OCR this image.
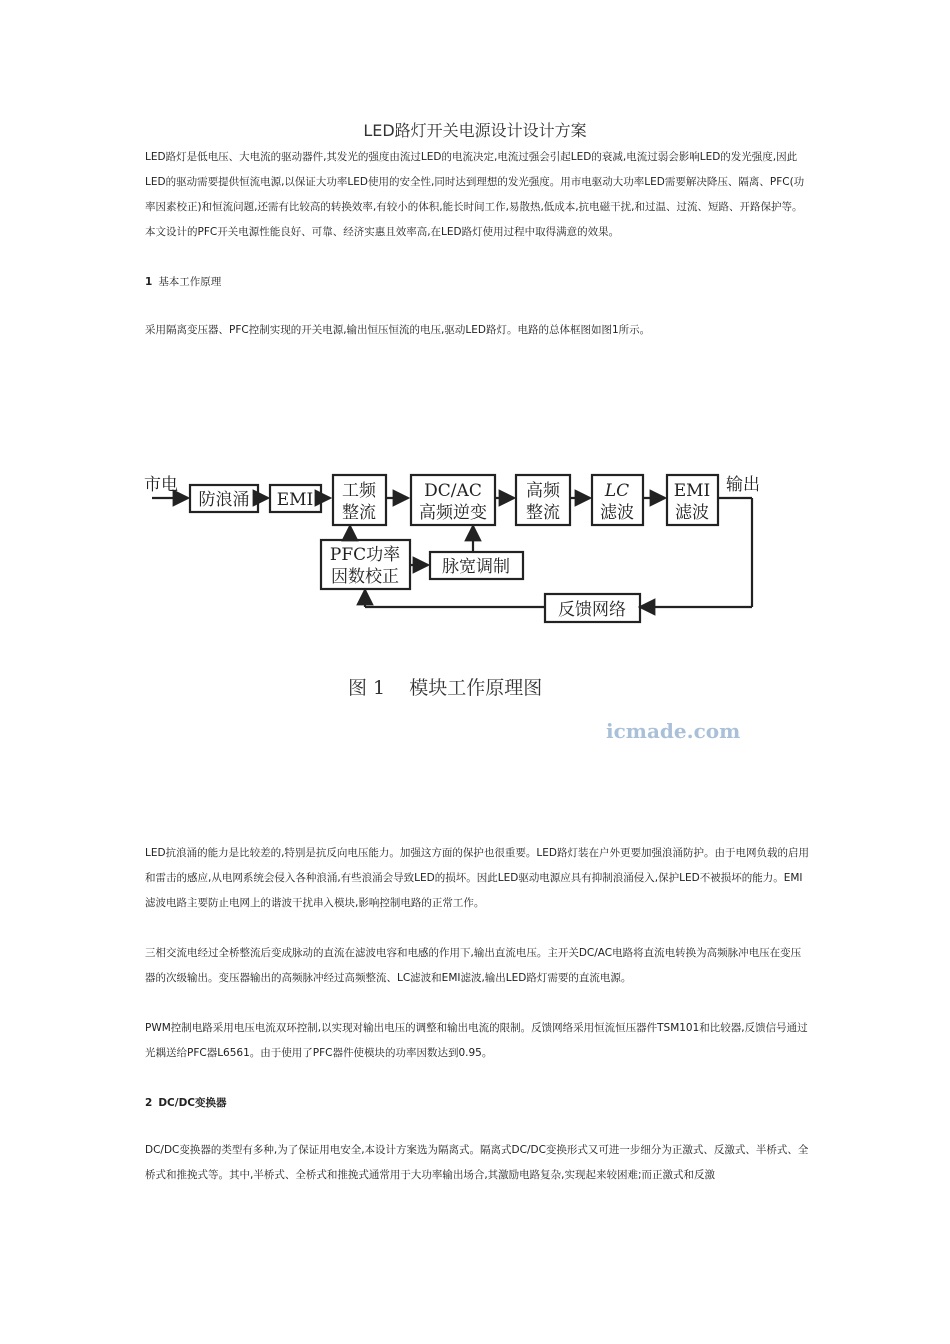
LED路灯开关电源设计设计方案

LED路灯是低电压、大电流的驱动器件,其发光的强度由流过LED的电流决定,电流过强会引起LED的衰减,电流过弱会影响LED的发光强度,因此LED的驱动需要提供恒流电源,以保证大功率LED使用的安全性,同时达到理想的发光强度。用市电驱动大功率LED需要解决降压、隔离、PFC(功率因素校正)和恒流问题,还需有比较高的转换效率,有较小的体积,能长时间工作,易散热,低成本,抗电磁干扰,和过温、过流、短路、开路保护等。本文设计的PFC开关电源性能良好、可靠、经济实惠且效率高,在LED路灯使用过程中取得满意的效果。

1 基本工作原理

采用隔离变压器、PFC控制实现的开关电源,输出恒压恒流的电压,驱动LED路灯。电路的总体框图如图1所示。

市电	输出
防浪涌 EMI 工频
整流
DC/AC
高频逆变
高频
整流
LC
滤波
EMI
滤波
PFC功率
因数校正	脉宽调制
反馈网络
图 1    模块工作原理图
icmade.com

LED抗浪涌的能力是比较差的,特别是抗反向电压能力。加强这方面的保护也很重要。LED路灯装在户外更要加强浪涌防护。由于电网负载的启用和雷击的感应,从电网系统会侵入各种浪涌,有些浪涌会导致LED的损坏。因此LED驱动电源应具有抑制浪涌侵入,保护LED不被损坏的能力。EMI滤波电路主要防止电网上的谐波干扰串入模块,影响控制电路的正常工作。

三相交流电经过全桥整流后变成脉动的直流在滤波电容和电感的作用下,输出直流电压。主开关DC/AC电路将直流电转换为高频脉冲电压在变压器的次级输出。变压器输出的高频脉冲经过高频整流、LC滤波和EMI滤波,输出LED路灯需要的直流电源。

PWM控制电路采用电压电流双环控制,以实现对输出电压的调整和输出电流的限制。反馈网络采用恒流恒压器件TSM101和比较器,反馈信号通过光耦送给PFC器L6561。由于使用了PFC器件使模块的功率因数达到0.95。

2 DC/DC变换器

DC/DC变换器的类型有多种,为了保证用电安全,本设计方案选为隔离式。隔离式DC/DC变换形式又可进一步细分为正激式、反激式、半桥式、全桥式和推挽式等。其中,半桥式、全桥式和推挽式通常用于大功率输出场合,其激励电路复杂,实现起来较困难;而正激式和反激
